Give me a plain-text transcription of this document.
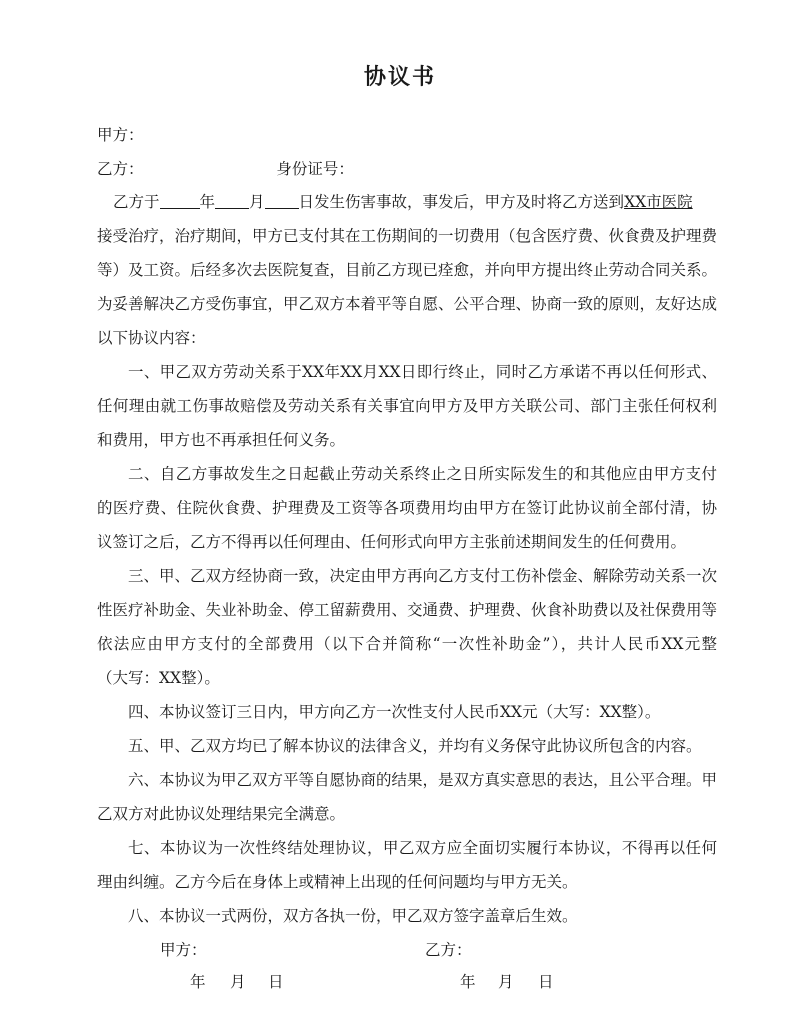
协议书
甲方：
乙方：	身份证号：
乙方于	年 月 日发生伤害事故，事发后，甲方及时将乙方送到XX市医院
接受治疗，治疗期间，甲方已支付其在工伤期间的一切费用（包含医疗费、伙食费及护理费
等）及工资。后经多次去医院复查，目前乙方现已痊愈，并向甲方提出终止劳动合同关系。
为妥善解决乙方受伤事宜，甲乙双方本着平等自愿、公平合理、协商一致的原则，友好达成
以下协议内容：
一、甲乙双方劳动关系于XX年XX月XX日即行终止，同时乙方承诺不再以任何形式、
任何理由就工伤事故赔偿及劳动关系有关事宜向甲方及甲方关联公司、部门主张任何权利
和费用，甲方也不再承担任何义务。
二、自乙方事故发生之日起截止劳动关系终止之日所实际发生的和其他应由甲方支付
的医疗费、住院伙食费、护理费及工资等各项费用均由甲方在签订此协议前全部付清，协
议签订之后，乙方不得再以任何理由、任何形式向甲方主张前述期间发生的任何费用。
三、甲、乙双方经协商一致，决定由甲方再向乙方支付工伤补偿金、解除劳动关系一次
性医疗补助金、失业补助金、停工留薪费用、交通费、护理费、伙食补助费以及社保费用等
依法应由甲方支付的全部费用（以下合并简称“一次性补助金”），共计人民币XX元整
（大写：XX整）。
四、本协议签订三日内，甲方向乙方一次性支付人民币XX元（大写：XX整）。
五、甲、乙双方均已了解本协议的法律含义，并均有义务保守此协议所包含的内容。
六、本协议为甲乙双方平等自愿协商的结果，是双方真实意思的表达，且公平合理。甲
乙双方对此协议处理结果完全满意。
七、本协议为一次性终结处理协议，甲乙双方应全面切实履行本协议，不得再以任何
理由纠缠。乙方今后在身体上或精神上出现的任何问题均与甲方无关。
八、本协议一式两份，双方各执一份，甲乙双方签字盖章后生效。
甲方：	乙方：
年 月 日	年 月 日
